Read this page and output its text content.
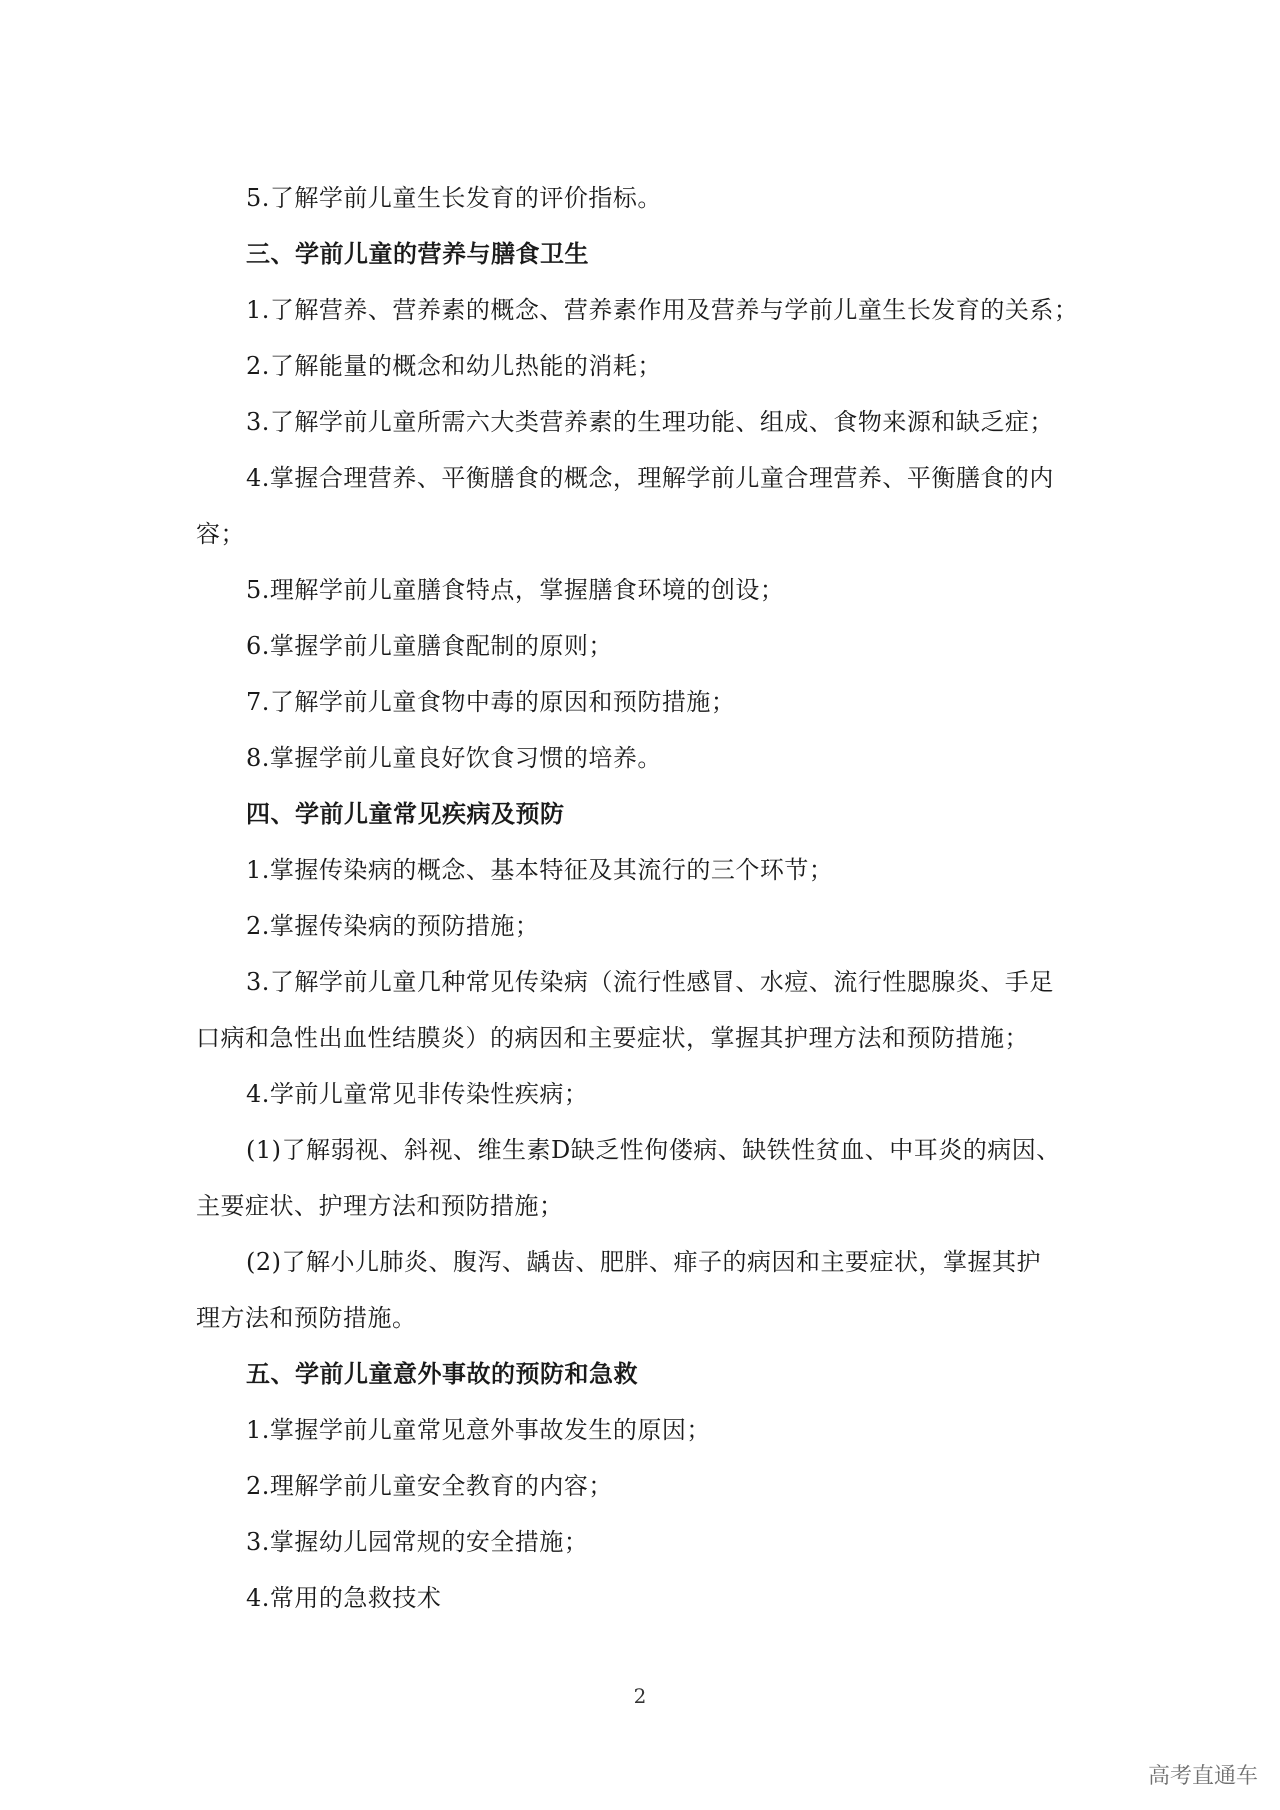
5.了解学前儿童生长发育的评价指标。
三、学前儿童的营养与膳食卫生
1.了解营养、营养素的概念、营养素作用及营养与学前儿童生长发育的关系；
2.了解能量的概念和幼儿热能的消耗；
3.了解学前儿童所需六大类营养素的生理功能、组成、食物来源和缺乏症；
4.掌握合理营养、平衡膳食的概念，理解学前儿童合理营养、平衡膳食的内
容；
5.理解学前儿童膳食特点，掌握膳食环境的创设；
6.掌握学前儿童膳食配制的原则；
7.了解学前儿童食物中毒的原因和预防措施；
8.掌握学前儿童良好饮食习惯的培养。
四、学前儿童常见疾病及预防
1.掌握传染病的概念、基本特征及其流行的三个环节；
2.掌握传染病的预防措施；
3.了解学前儿童几种常见传染病（流行性感冒、水痘、流行性腮腺炎、手足
口病和急性出血性结膜炎）的病因和主要症状，掌握其护理方法和预防措施；
4.学前儿童常见非传染性疾病；
(1)了解弱视、斜视、维生素D缺乏性佝偻病、缺铁性贫血、中耳炎的病因、
主要症状、护理方法和预防措施；
(2)了解小儿肺炎、腹泻、龋齿、肥胖、痱子的病因和主要症状，掌握其护
理方法和预防措施。
五、学前儿童意外事故的预防和急救
1.掌握学前儿童常见意外事故发生的原因；
2.理解学前儿童安全教育的内容；
3.掌握幼儿园常规的安全措施；
4.常用的急救技术
2
高考直通车
